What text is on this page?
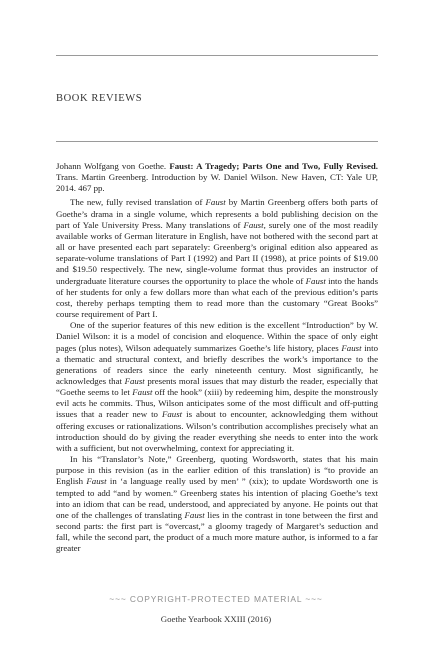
BOOK REVIEWS

Johann Wolfgang von Goethe. Faust: A Tragedy; Parts One and Two, Fully Revised. Trans. Martin Greenberg. Introduction by W. Daniel Wilson. New Haven, CT: Yale UP, 2014. 467 pp.

The new, fully revised translation of Faust by Martin Greenberg offers both parts of Goethe’s drama in a single volume, which represents a bold publishing decision on the part of Yale University Press. Many translations of Faust, surely one of the most readily available works of German literature in English, have not bothered with the second part at all or have presented each part separately: Greenberg’s original edition also appeared as separate-volume translations of Part I (1992) and Part II (1998), at price points of $19.00 and $19.50 respectively. The new, single-volume format thus provides an instructor of undergraduate literature courses the opportunity to place the whole of Faust into the hands of her students for only a few dollars more than what each of the previous edition’s parts cost, thereby perhaps tempting them to read more than the customary “Great Books” course requirement of Part I.

One of the superior features of this new edition is the excellent “Introduction” by W. Daniel Wilson: it is a model of concision and eloquence. Within the space of only eight pages (plus notes), Wilson adequately summarizes Goethe’s life history, places Faust into a thematic and structural context, and briefly describes the work’s importance to the generations of readers since the early nineteenth century. Most significantly, he acknowledges that Faust presents moral issues that may disturb the reader, especially that “Goethe seems to let Faust off the hook” (xiii) by redeeming him, despite the monstrously evil acts he commits. Thus, Wilson anticipates some of the most difficult and off-putting issues that a reader new to Faust is about to encounter, acknowledging them without offering excuses or rationalizations. Wilson’s contribution accomplishes precisely what an introduction should do by giving the reader everything she needs to enter into the work with a sufficient, but not overwhelming, context for appreciating it.

In his “Translator’s Note,” Greenberg, quoting Wordsworth, states that his main purpose in this revision (as in the earlier edition of this translation) is “to provide an English Faust in ‘a language really used by men’ ” (xix); to update Wordsworth one is tempted to add “and by women.” Greenberg states his intention of placing Goethe’s text into an idiom that can be read, understood, and appreciated by anyone. He points out that one of the challenges of translating Faust lies in the contrast in tone between the first and second parts: the first part is “overcast,” a gloomy tragedy of Margaret’s seduction and fall, while the second part, the product of a much more mature author, is informed to a far greater

~~~ COPYRIGHT-PROTECTED MATERIAL ~~~
Goethe Yearbook XXIII (2016)
